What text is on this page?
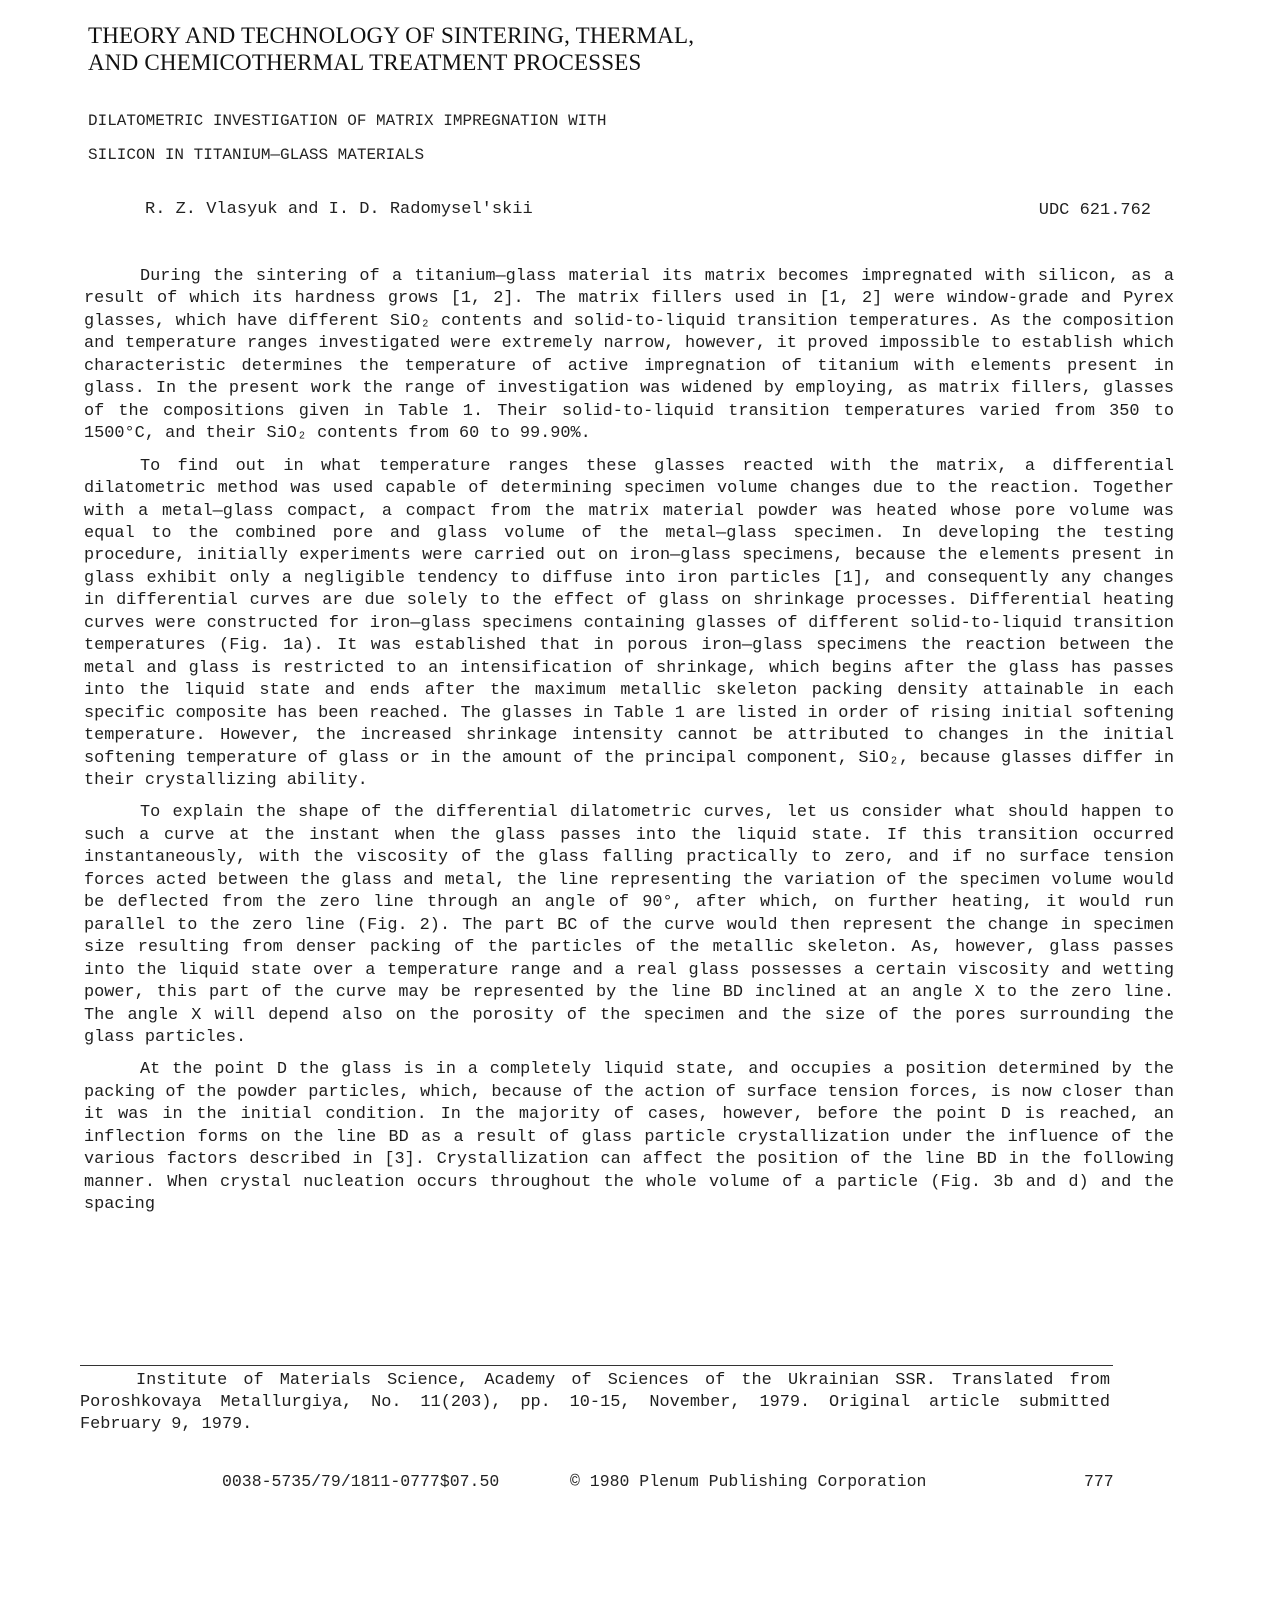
THEORY AND TECHNOLOGY OF SINTERING, THERMAL,
AND CHEMICOTHERMAL TREATMENT PROCESSES
DILATOMETRIC INVESTIGATION OF MATRIX IMPREGNATION WITH
SILICON IN TITANIUM—GLASS MATERIALS
R. Z. Vlasyuk and I. D. Radomysel'skii	UDC 621.762

During the sintering of a titanium—glass material its matrix becomes impregnated with silicon, as a result of which its hardness grows [1, 2]. The matrix fillers used in [1, 2] were window-grade and Pyrex glasses, which have different SiO₂ contents and solid-to-liquid transition temperatures. As the composition and temperature ranges investigated were extremely narrow, however, it proved impossible to establish which characteristic determines the temperature of active impregnation of titanium with elements present in glass. In the present work the range of investigation was widened by employing, as matrix fillers, glasses of the compositions given in Table 1. Their solid-to-liquid transition temperatures varied from 350 to 1500°C, and their SiO₂ contents from 60 to 99.90%.

To find out in what temperature ranges these glasses reacted with the matrix, a differential dilatometric method was used capable of determining specimen volume changes due to the reaction. Together with a metal—glass compact, a compact from the matrix material powder was heated whose pore volume was equal to the combined pore and glass volume of the metal—glass specimen. In developing the testing procedure, initially experiments were carried out on iron—glass specimens, because the elements present in glass exhibit only a negligible tendency to diffuse into iron particles [1], and consequently any changes in differential curves are due solely to the effect of glass on shrinkage processes. Differential heating curves were constructed for iron—glass specimens containing glasses of different solid-to-liquid transition temperatures (Fig. 1a). It was established that in porous iron—glass specimens the reaction between the metal and glass is restricted to an intensification of shrinkage, which begins after the glass has passes into the liquid state and ends after the maximum metallic skeleton packing density attainable in each specific composite has been reached. The glasses in Table 1 are listed in order of rising initial softening temperature. However, the increased shrinkage intensity cannot be attributed to changes in the initial softening temperature of glass or in the amount of the principal component, SiO₂, because glasses differ in their crystallizing ability.

To explain the shape of the differential dilatometric curves, let us consider what should happen to such a curve at the instant when the glass passes into the liquid state. If this transition occurred instantaneously, with the viscosity of the glass falling practically to zero, and if no surface tension forces acted between the glass and metal, the line representing the variation of the specimen volume would be deflected from the zero line through an angle of 90°, after which, on further heating, it would run parallel to the zero line (Fig. 2). The part BC of the curve would then represent the change in specimen size resulting from denser packing of the particles of the metallic skeleton. As, however, glass passes into the liquid state over a temperature range and a real glass possesses a certain viscosity and wetting power, this part of the curve may be represented by the line BD inclined at an angle X to the zero line. The angle X will depend also on the porosity of the specimen and the size of the pores surrounding the glass particles.

At the point D the glass is in a completely liquid state, and occupies a position determined by the packing of the powder particles, which, because of the action of surface tension forces, is now closer than it was in the initial condition. In the majority of cases, however, before the point D is reached, an inflection forms on the line BD as a result of glass particle crystallization under the influence of the various factors described in [3]. Crystallization can affect the position of the line BD in the following manner. When crystal nucleation occurs throughout the whole volume of a particle (Fig. 3b and d) and the spacing

Institute of Materials Science, Academy of Sciences of the Ukrainian SSR. Translated from Poroshkovaya Metallurgiya, No. 11(203), pp. 10-15, November, 1979. Original article submitted February 9, 1979.
0038-5735/79/1811-0777$07.50	© 1980 Plenum Publishing Corporation	777
